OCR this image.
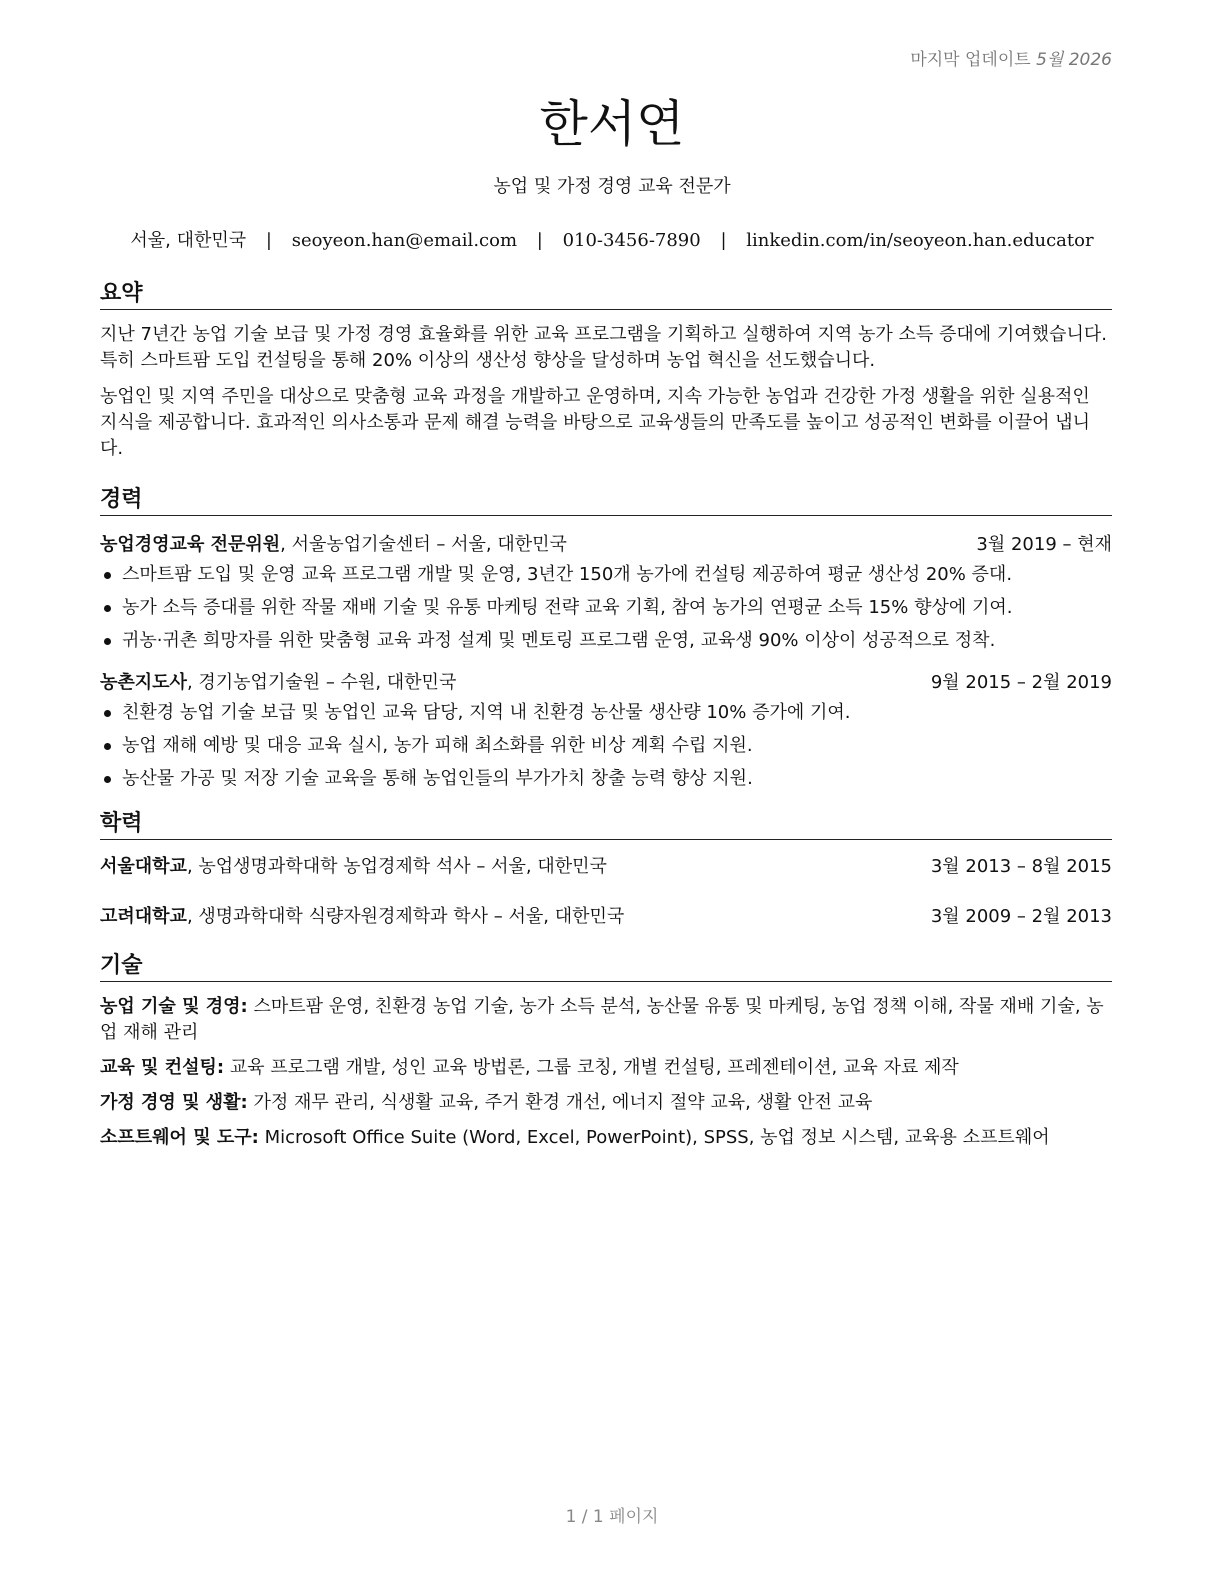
마지막 업데이트 5월 2026
한서연
농업 및 가정 경영 교육 전문가
서울, 대한민국 | seoyeon.han@email.com | 010-3456-7890 | linkedin.com/in/seoyeon.han.educator
요약

지난 7년간 농업 기술 보급 및 가정 경영 효율화를 위한 교육 프로그램을 기획하고 실행하여 지역 농가 소득 증대에 기여했습니다. 특히 스마트팜 도입 컨설팅을 통해 20% 이상의 생산성 향상을 달성하며 농업 혁신을 선도했습니다.

농업인 및 지역 주민을 대상으로 맞춤형 교육 과정을 개발하고 운영하며, 지속 가능한 농업과 건강한 가정 생활을 위한 실용적인 지식을 제공합니다. 효과적인 의사소통과 문제 해결 능력을 바탕으로 교육생들의 만족도를 높이고 성공적인 변화를 이끌어 냅니다.

경력
농업경영교육 전문위원, 서울농업기술센터 – 서울, 대한민국	3월 2019 – 현재
스마트팜 도입 및 운영 교육 프로그램 개발 및 운영, 3년간 150개 농가에 컨설팅 제공하여 평균 생산성 20% 증대.
농가 소득 증대를 위한 작물 재배 기술 및 유통 마케팅 전략 교육 기획, 참여 농가의 연평균 소득 15% 향상에 기여.
귀농·귀촌 희망자를 위한 맞춤형 교육 과정 설계 및 멘토링 프로그램 운영, 교육생 90% 이상이 성공적으로 정착.
농촌지도사, 경기농업기술원 – 수원, 대한민국	9월 2015 – 2월 2019
친환경 농업 기술 보급 및 농업인 교육 담당, 지역 내 친환경 농산물 생산량 10% 증가에 기여.
농업 재해 예방 및 대응 교육 실시, 농가 피해 최소화를 위한 비상 계획 수립 지원.
농산물 가공 및 저장 기술 교육을 통해 농업인들의 부가가치 창출 능력 향상 지원.
학력
서울대학교, 농업생명과학대학 농업경제학 석사 – 서울, 대한민국	3월 2013 – 8월 2015
고려대학교, 생명과학대학 식량자원경제학과 학사 – 서울, 대한민국	3월 2009 – 2월 2013
기술
농업 기술 및 경영: 스마트팜 운영, 친환경 농업 기술, 농가 소득 분석, 농산물 유통 및 마케팅, 농업 정책 이해, 작물 재배 기술, 농업 재해 관리
교육 및 컨설팅: 교육 프로그램 개발, 성인 교육 방법론, 그룹 코칭, 개별 컨설팅, 프레젠테이션, 교육 자료 제작
가정 경영 및 생활: 가정 재무 관리, 식생활 교육, 주거 환경 개선, 에너지 절약 교육, 생활 안전 교육
소프트웨어 및 도구: Microsoft Office Suite (Word, Excel, PowerPoint), SPSS, 농업 정보 시스템, 교육용 소프트웨어
1 / 1 페이지
